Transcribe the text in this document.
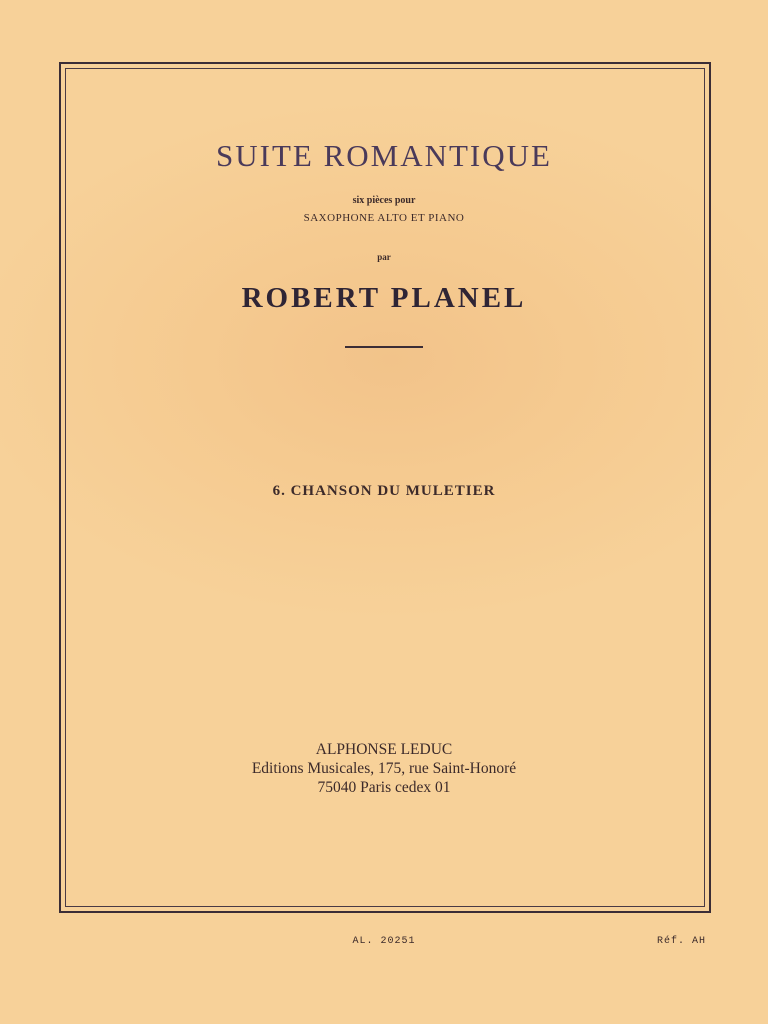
SUITE ROMANTIQUE
six pièces pour
SAXOPHONE ALTO ET PIANO
par
ROBERT PLANEL
6. CHANSON DU MULETIER
ALPHONSE LEDUC
Editions Musicales, 175, rue Saint-Honoré
75040 Paris cedex 01
AL. 20251	Réf. AH
